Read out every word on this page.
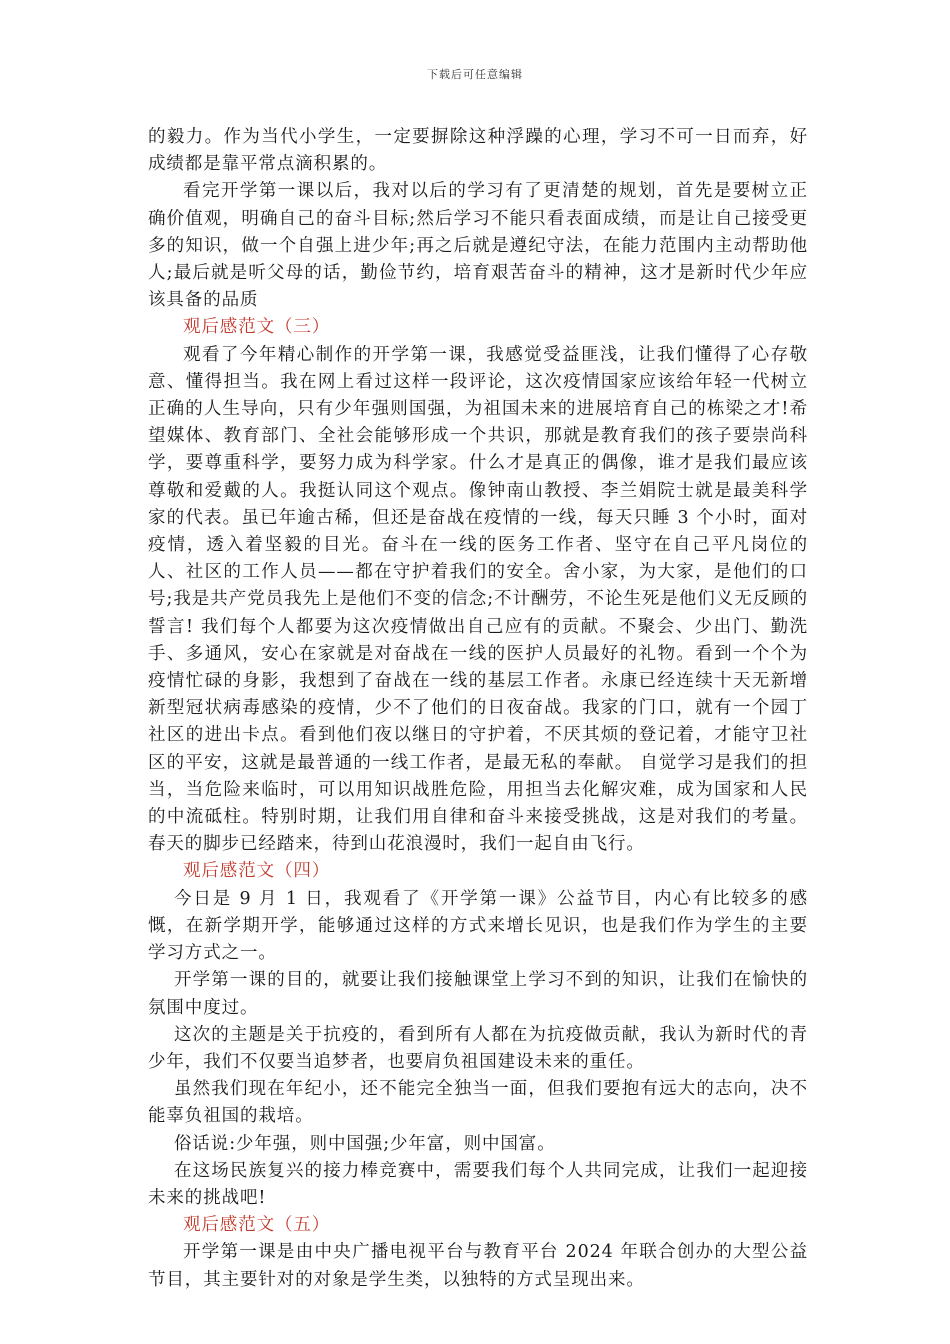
下载后可任意编辑

的毅力。作为当代小学生，一定要摒除这种浮躁的心理，学习不可一日而弃，好成绩都是靠平常点滴积累的。

看完开学第一课以后，我对以后的学习有了更清楚的规划，首先是要树立正确价值观，明确自己的奋斗目标;然后学习不能只看表面成绩，而是让自己接受更多的知识，做一个自强上进少年;再之后就是遵纪守法，在能力范围内主动帮助他人;最后就是听父母的话，勤俭节约，培育艰苦奋斗的精神，这才是新时代少年应该具备的品质

观后感范文（三）

观看了今年精心制作的开学第一课，我感觉受益匪浅，让我们懂得了心存敬意、懂得担当。我在网上看过这样一段评论，这次疫情国家应该给年轻一代树立正确的人生导向，只有少年强则国强，为祖国未来的进展培育自己的栋梁之才!希望媒体、教育部门、全社会能够形成一个共识，那就是教育我们的孩子要崇尚科学，要尊重科学，要努力成为科学家。什么才是真正的偶像，谁才是我们最应该尊敬和爱戴的人。我挺认同这个观点。像钟南山教授、李兰娟院士就是最美科学家的代表。虽已年逾古稀，但还是奋战在疫情的一线，每天只睡 3 个小时，面对疫情，透入着坚毅的目光。奋斗在一线的医务工作者、坚守在自己平凡岗位的人、社区的工作人员——都在守护着我们的安全。舍小家，为大家，是他们的口号;我是共产党员我先上是他们不变的信念;不计酬劳，不论生死是他们义无反顾的誓言! 我们每个人都要为这次疫情做出自己应有的贡献。不聚会、少出门、勤洗手、多通风，安心在家就是对奋战在一线的医护人员最好的礼物。看到一个个为疫情忙碌的身影，我想到了奋战在一线的基层工作者。永康已经连续十天无新增新型冠状病毒感染的疫情，少不了他们的日夜奋战。我家的门口，就有一个园丁社区的进出卡点。看到他们夜以继日的守护着，不厌其烦的登记着，才能守卫社区的平安，这就是最普通的一线工作者，是最无私的奉献。 自觉学习是我们的担当，当危险来临时，可以用知识战胜危险，用担当去化解灾难，成为国家和人民的中流砥柱。特别时期，让我们用自律和奋斗来接受挑战，这是对我们的考量。春天的脚步已经踏来，待到山花浪漫时，我们一起自由飞行。

观后感范文（四）

今日是 9 月 1 日，我观看了《开学第一课》公益节目，内心有比较多的感慨，在新学期开学，能够通过这样的方式来增长见识，也是我们作为学生的主要学习方式之一。

开学第一课的目的，就要让我们接触课堂上学习不到的知识，让我们在愉快的氛围中度过。

这次的主题是关于抗疫的，看到所有人都在为抗疫做贡献，我认为新时代的青少年，我们不仅要当追梦者，也要肩负祖国建设未来的重任。

虽然我们现在年纪小，还不能完全独当一面，但我们要抱有远大的志向，决不能辜负祖国的栽培。

俗话说:少年强，则中国强;少年富，则中国富。

在这场民族复兴的接力棒竞赛中，需要我们每个人共同完成，让我们一起迎接未来的挑战吧!

观后感范文（五）

开学第一课是由中央广播电视平台与教育平台 2024 年联合创办的大型公益节目，其主要针对的对象是学生类，以独特的方式呈现出来。
